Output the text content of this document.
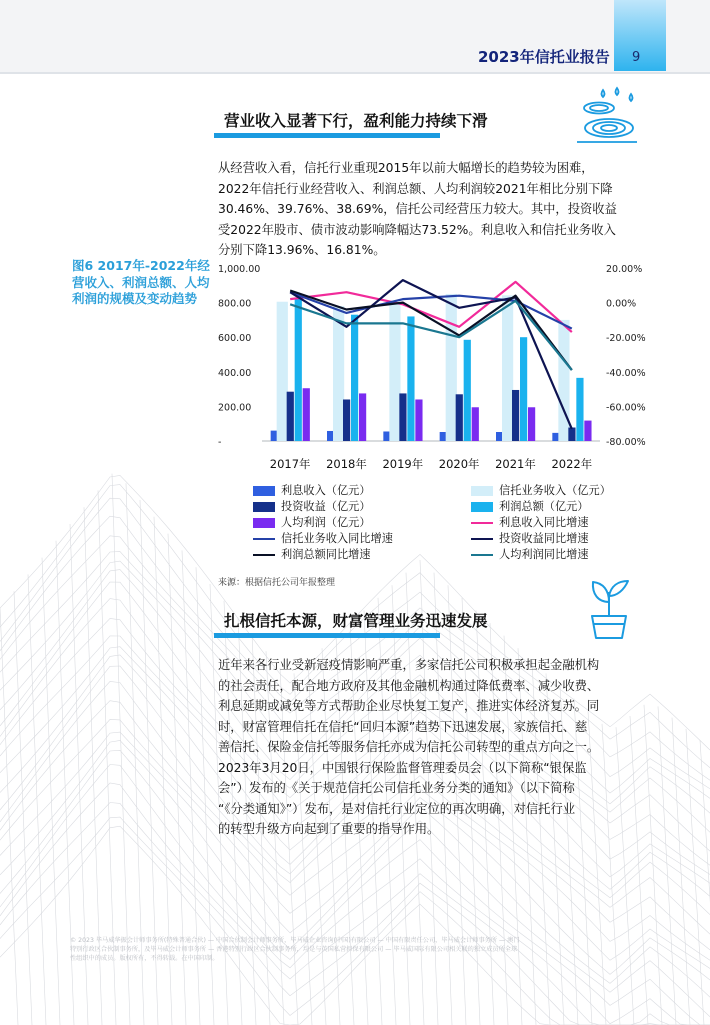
2023年信托业报告 9
营业收入显著下行，盈利能力持续下滑
从经营收入看，信托行业重现2015年以前大幅增长的趋势较为困难，
2022年信托行业经营收入、利润总额、人均利润较2021年相比分别下降
30.46%、39.76%、38.69%，信托公司经营压力较大。其中，投资收益
受2022年股市、债市波动影响降幅达73.52%。利息收入和信托业务收入
分别下降13.96%、16.81%。
图6 2017年-2022年经营收入、利润总额、人均利润的规模及变动趋势
1,000.00
800.00
600.00
400.00
200.00
-
20.00%
0.00%
-20.00%
-40.00%
-60.00%
-80.00%
2017年 2018年 2019年 2020年 2021年 2022年
利息收入（亿元）
投资收益（亿元）
人均利润（亿元）
信托业务收入同比增速
利润总额同比增速
信托业务收入（亿元）
利润总额（亿元）
利息收入同比增速
投资收益同比增速
人均利润同比增速
来源：根据信托公司年报整理
扎根信托本源，财富管理业务迅速发展
近年来各行业受新冠疫情影响严重，多家信托公司积极承担起金融机构
的社会责任，配合地方政府及其他金融机构通过降低费率、减少收费、
利息延期或减免等方式帮助企业尽快复工复产，推进实体经济复苏。同
时，财富管理信托在信托“回归本源”趋势下迅速发展，家族信托、慈
善信托、保险金信托等服务信托亦成为信托公司转型的重点方向之一。
2023年3月20日，中国银行保险监督管理委员会（以下简称“银保监
会”）发布的《关于规范信托公司信托业务分类的通知》（以下简称
“《分类通知》”）发布，是对信托行业定位的再次明确，对信托行业
的转型升级方向起到了重要的指导作用。
© 2023 毕马威华振会计师事务所(特殊普通合伙) — 中国合伙制会计师事务所，毕马威企业咨询(中国)有限公司 — 中国有限责任公司，毕马威会计师事务所 — 澳门
特别行政区合伙制事务所，及毕马威会计师事务所 — 香港特别行政区合伙制事务所，均是与英国私营担保有限公司 — 毕马威国际有限公司相关联的独立成员所全球
性组织中的成员。版权所有，不得转载。在中国印制。
